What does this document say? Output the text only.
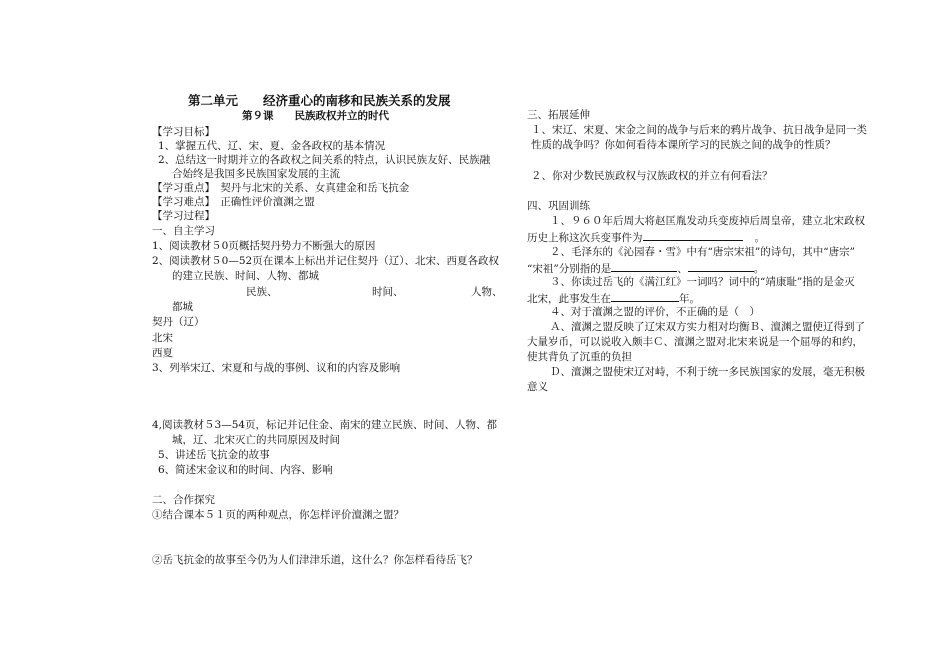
第二单元　　经济重心的南移和民族关系的发展
第９课　　民族政权并立的时代
【学习目标】
1、掌握五代、辽、宋、夏、金各政权的基本情况
2、总结这一时期并立的各政权之间关系的特点，认识民族友好、民族融
合始终是我国多民族国家发展的主流
【学习重点】　契丹与北宋的关系、女真建金和岳飞抗金
【学习难点】　正确性评价澶渊之盟
【学习过程】
一、自主学习
1、阅读教材５0页概括契丹势力不断强大的原因
2、阅读教材５0—52页在课本上标出并记住契丹（辽）、北宋、西夏各政权
的建立民族、时间、人物、都城
民族、	时间、	人物、
都城
契丹（辽）
北宋
西夏
3、列举宋辽、宋夏和与战的事例、议和的内容及影响
4,阅读教材５3—54页，标记并记住金、南宋的建立民族、时间、人物、都
城，辽、北宋灭亡的共同原因及时间
5、讲述岳飞抗金的故事
6、简述宋金议和的时间、内容、影响
二、合作探究
①结合课本５１页的两种观点，你怎样评价澶渊之盟？
②岳飞抗金的故事至今仍为人们津津乐道，这什么？你怎样看待岳飞？
三、拓展延伸
１、宋辽、宋夏、宋金之间的战争与后来的鸦片战争、抗日战争是同一类
性质的战争吗？你如何看待本课所学习的民族之间的战争的性质？
２、你对少数民族政权与汉族政权的并立有何看法？
四、巩固训练
１、９６０年后周大将赵匡胤发动兵变废掉后周皇帝，建立北宋政权
历史上称这次兵变事件为	。
２、毛泽东的《沁园春・雪》中有“唐宗宋祖”的诗句，其中“唐宗”
“宋祖”分别指的是	、	。
３、你读过岳飞的《满江红》一词吗？词中的“靖康耻”指的是金灭
北宋，此事发生在	年。
４、对于澶渊之盟的评价，不正确的是（　）
Ａ、澶渊之盟反映了辽宋双方实力相对均衡Ｂ、澶渊之盟使辽得到了
大量岁币，可以说收入颇丰Ｃ、澶渊之盟对北宋来说是一个屈辱的和约，
使其背负了沉重的负担
Ｄ、澶渊之盟使宋辽对峙，不利于统一多民族国家的发展，毫无积极
意义
